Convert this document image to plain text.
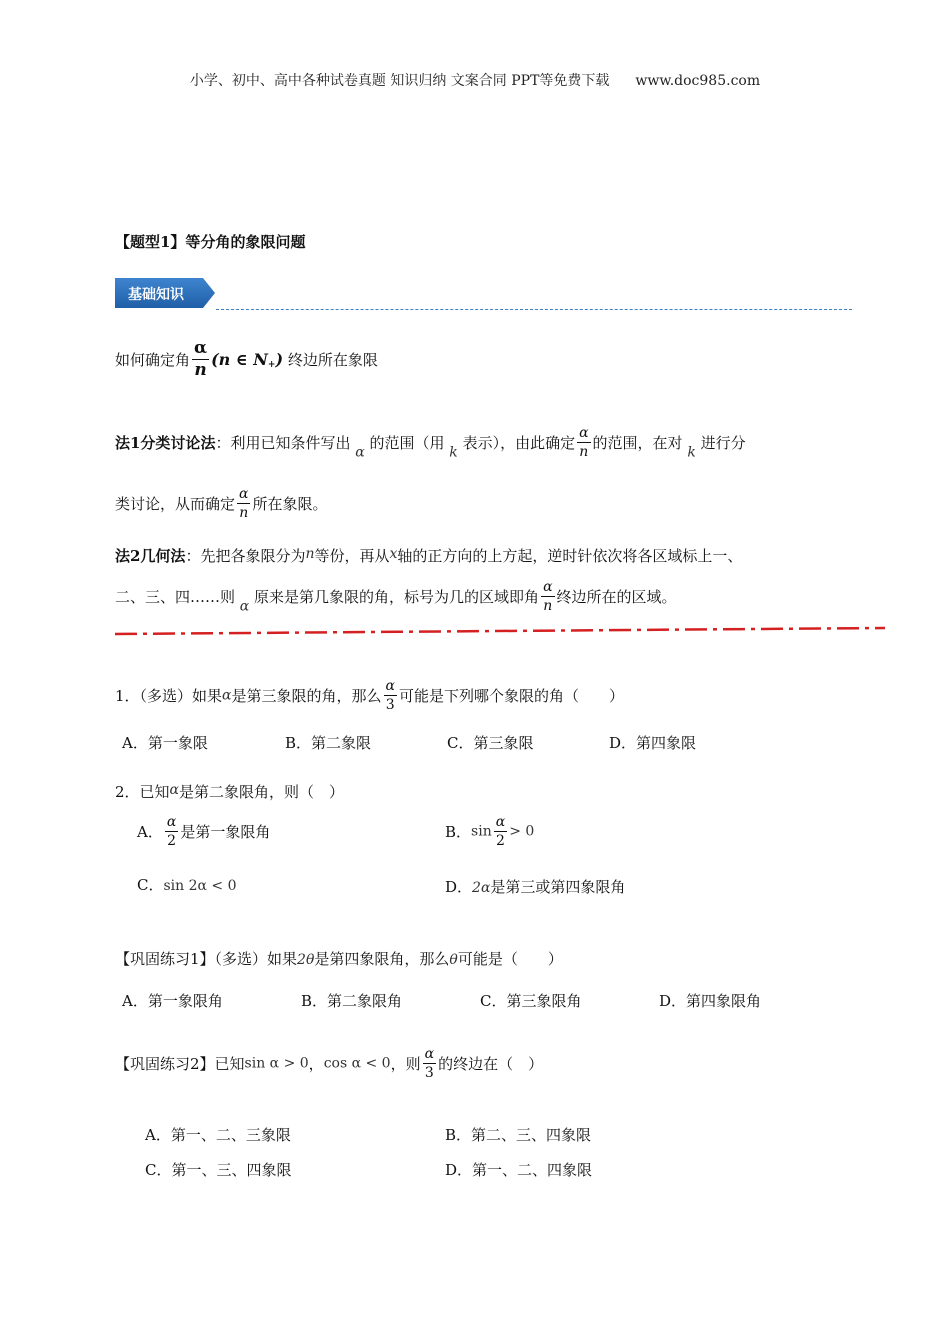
小学、初中、高中各种试卷真题 知识归纳 文案合同 PPT等免费下载 www.doc985.com
【题型1】等分角的象限问题
基础知识
如何确定角 $\frac{\alpha}{n} (n$ ∈ $N_+$) 终边所在象限
法1分类讨论法：利用已知条件写出 α 的范围（用 k 表示），由此确定 $\frac{\alpha}{n}$ 的范围，在对 k 进行分
类讨论，从而确定 $\frac{\alpha}{n}$ 所在象限。
法2几何法：先把各象限分为n等份，再从x轴的正方向的上方起，逆时针依次将各区域标上一、
二、三、四……则 α 原来是第几象限的角，标号为几的区域即角 $\frac{\alpha}{n}$ 终边所在的区域。
1．（多选）如果α是第三象限的角，那么 $\frac{\alpha}{3}$ 可能是下列哪个象限的角（　　）
A．第一象限	B．第二象限	C．第三象限	D．第四象限
2．已知α是第二象限角，则（　）
A． $\frac{\alpha}{2}$ 是第一象限角	B．$\sin \frac{\alpha}{2} > 0$
C．sin 2α < 0	D．2α是第三或第四象限角
【巩固练习1】（多选）如果2θ是第四象限角，那么θ可能是（　　）
A．第一象限角	B．第二象限角	C．第三象限角	D．第四象限角
【巩固练习2】已知sin α > 0，cos α < 0，则 $\frac{\alpha}{3}$ 的终边在（　）
A．第一、二、三象限	B．第二、三、四象限
C．第一、三、四象限	D．第一、二、四象限
